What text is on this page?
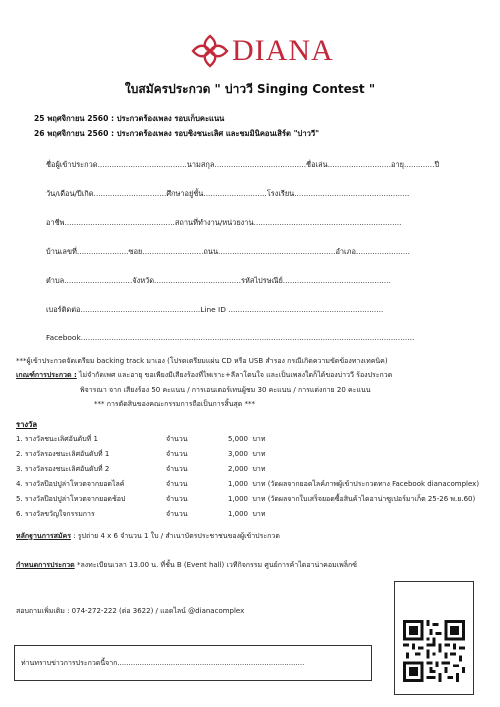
DIANA
ใบสมัครประกวด " บ่าววี Singing Contest "
25 พฤศจิกายน 2560 : ประกวดร้องเพลง รอบเก็บคะแนน
26 พฤศจิกายน 2560 : ประกวดร้องเพลง รอบชิงชนะเลิศ และชมมินิคอนเสิร์ต "บ่าววี"
ชื่อผู้เข้าประกวด......................................นามสกุล.......................................ชื่อเล่น...........................อายุ.............ปี
วัน/เดือน/ปีเกิด...............................ศึกษาอยู่ชั้น...........................โรงเรียน.................................................
อาชีพ...............................................สถานที่ทำงาน/หน่วยงาน...............................................................
บ้านเลขที่......................ซอย..........................ถนน..................................................อำเภอ.......................
ตำบล.............................จังหวัด.....................................รหัสไปรษณีย์..............................................
เบอร์ติดต่อ...................................................Line ID ..................................................................
Facebook..............................................................................................................................................
***ผู้เข้าประกวดจัดเตรียม backing track มาเอง (โปรดเตรียมแผ่น CD หรือ USB สำรอง กรณีเกิดความขัดข้องทางเทคนิค)
เกณฑ์การประกวด : ไม่จำกัดเพศ และอายุ ขอเพียงมีเสียงร้องที่ไพเราะ+ลีลาโดนใจ และเป็นเพลงใดก็ได้ของบ่าววี ร้องประกวด
พิจารณา จาก เสียงร้อง 50 คะแนน / การเอนเตอร์เทนผู้ชม 30 คะแนน / การแต่งกาย 20 คะแนน
*** การตัดสินของคณะกรรมการถือเป็นการสิ้นสุด ***
รางวัล
1. รางวัลชนะเลิศอันดับที่ 1	จำนวน	5,000 บาท
2. รางวัลรองชนะเลิศอันดับที่ 1	จำนวน	3,000 บาท
3. รางวัลรองชนะเลิศอันดับที่ 2	จำนวน	2,000 บาท
4. รางวัลป๊อปปูล่าโหวตจากยอดไลค์	จำนวน	1,000 บาท (วัดผลจากยอดไลค์ภาพผู้เข้าประกวดทาง Facebook dianacomplex)
5. รางวัลป๊อปปูล่าโหวตจากยอดช้อป	จำนวน	1,000 บาท (วัดผลจากใบเสร็จยอดซื้อสินค้าไดอาน่าซูเปอร์มาเก็ต 25-26 พ.ย.60)
6. รางวัลขวัญใจกรรมการ	จำนวน	1,000 บาท
หลักฐานการสมัคร : รูปถ่าย 4 x 6 จำนวน 1 ใบ / สำเนาบัตรประชาชนของผู้เข้าประกวด
กำหนดการประกวด *ลงทะเบียนเวลา 13.00 น. ที่ชั้น B (Event hall) เวทีกิจกรรม ศูนย์การค้าไดอาน่าคอมเพล็กซ์
สอบถามเพิ่มเติม : 074-272-222 (ต่อ 3622) / แอดไลน์ @dianacomplex
ท่านทราบข่าวการประกวดนี้จาก....................................................................................
